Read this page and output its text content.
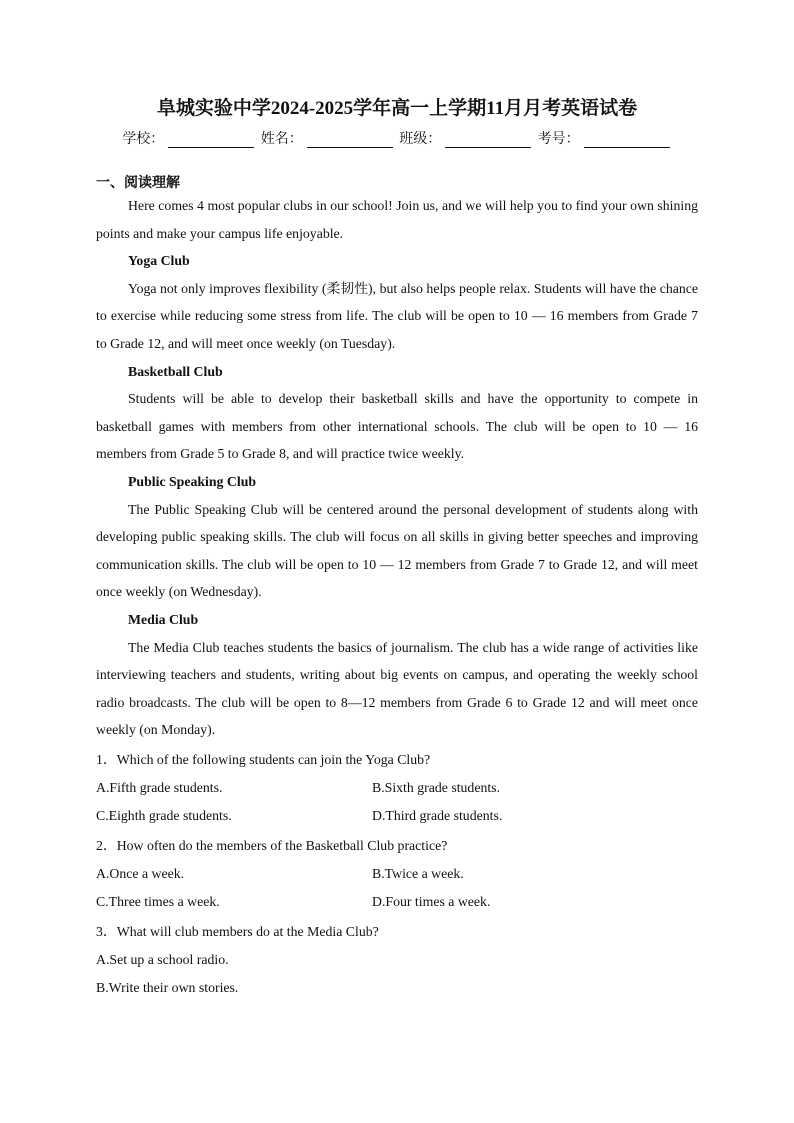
阜城实验中学2024-2025学年高一上学期11月月考英语试卷
学校：	姓名：	班级：	考号：
一、阅读理解

Here comes 4 most popular clubs in our school! Join us, and we will help you to find your own shining points and make your campus life enjoyable.

Yoga Club

Yoga not only improves flexibility (柔韧性), but also helps people relax. Students will have the chance to exercise while reducing some stress from life. The club will be open to 10 — 16 members from Grade 7 to Grade 12, and will meet once weekly (on Tuesday).

Basketball Club

Students will be able to develop their basketball skills and have the opportunity to compete in basketball games with members from other international schools. The club will be open to 10 — 16 members from Grade 5 to Grade 8, and will practice twice weekly.

Public Speaking Club

The Public Speaking Club will be centered around the personal development of students along with developing public speaking skills. The club will focus on all skills in giving better speeches and improving communication skills. The club will be open to 10 — 12 members from Grade 7 to Grade 12, and will meet once weekly (on Wednesday).

Media Club

The Media Club teaches students the basics of journalism. The club has a wide range of activities like interviewing teachers and students, writing about big events on campus, and operating the weekly school radio broadcasts. The club will be open to 8—12 members from Grade 6 to Grade 12 and will meet once weekly (on Monday).

1．Which of the following students can join the Yoga Club?
A.Fifth grade students.	B.Sixth grade students.
C.Eighth grade students.	D.Third grade students.
2．How often do the members of the Basketball Club practice?
A.Once a week.	B.Twice a week.
C.Three times a week.	D.Four times a week.
3．What will club members do at the Media Club?
A.Set up a school radio.
B.Write their own stories.
